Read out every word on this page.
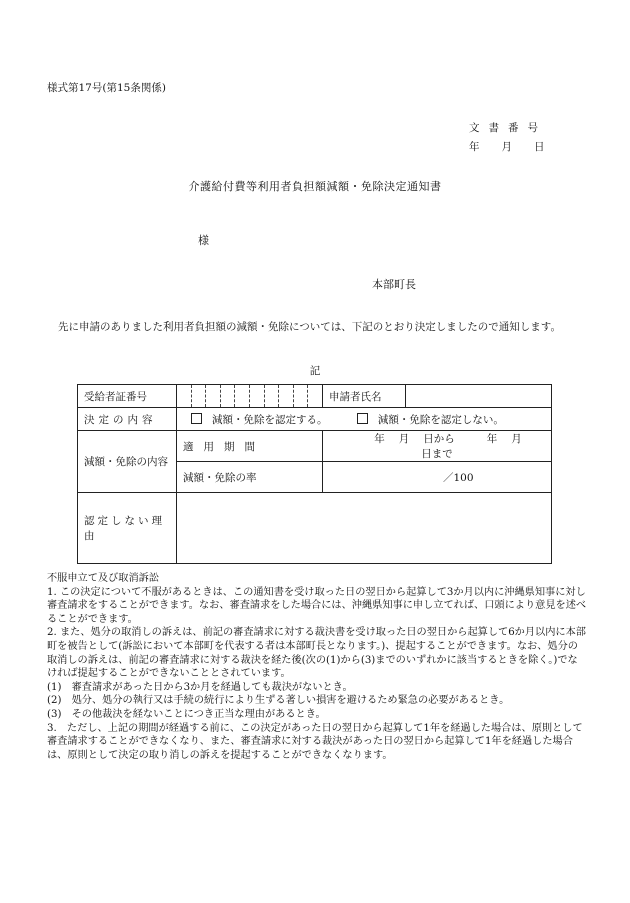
様式第17号(第15条関係)
文書番号
年 月 日
介護給付費等利用者負担額減額・免除決定通知書
様
本部町長
先に申請のありました利用者負担額の減額・免除については、下記のとおり決定しましたので通知します。
記
受給者証番号		申請者氏名	
決定の内容	減額・免除を認定する。 減額・免除を認定しない。		
減額・免除の内容	適用期間	年 月 日から 年 月日まで	
	減額・免除の率	／100	
認定しない理由			

不服申立て及び取消訴訟

1. この決定について不服があるときは、この通知書を受け取った日の翌日から起算して3か月以内に沖縄県知事に対し審査請求をすることができます。なお、審査請求をした場合には、沖縄県知事に申し立てれば、口頭により意見を述べることができます。

2. また、処分の取消しの訴えは、前記の審査請求に対する裁決書を受け取った日の翌日から起算して6か月以内に本部町を被告として(訴訟において本部町を代表する者は本部町長となります。)、提起することができます。なお、処分の取消しの訴えは、前記の審査請求に対する裁決を経た後(次の(1)から(3)までのいずれかに該当するときを除く。)でなければ提起することができないこととされています。

(1)　審査請求があった日から3か月を経過しても裁決がないとき。

(2)　処分、処分の執行又は手続の続行により生ずる著しい損害を避けるため緊急の必要があるとき。

(3)　その他裁決を経ないことにつき正当な理由があるとき。

3.　ただし、上記の期間が経過する前に、この決定があった日の翌日から起算して1年を経過した場合は、原則として審査請求することができなくなり、また、審査請求に対する裁決があった日の翌日から起算して1年を経過した場合は、原則として決定の取り消しの訴えを提起することができなくなります。
